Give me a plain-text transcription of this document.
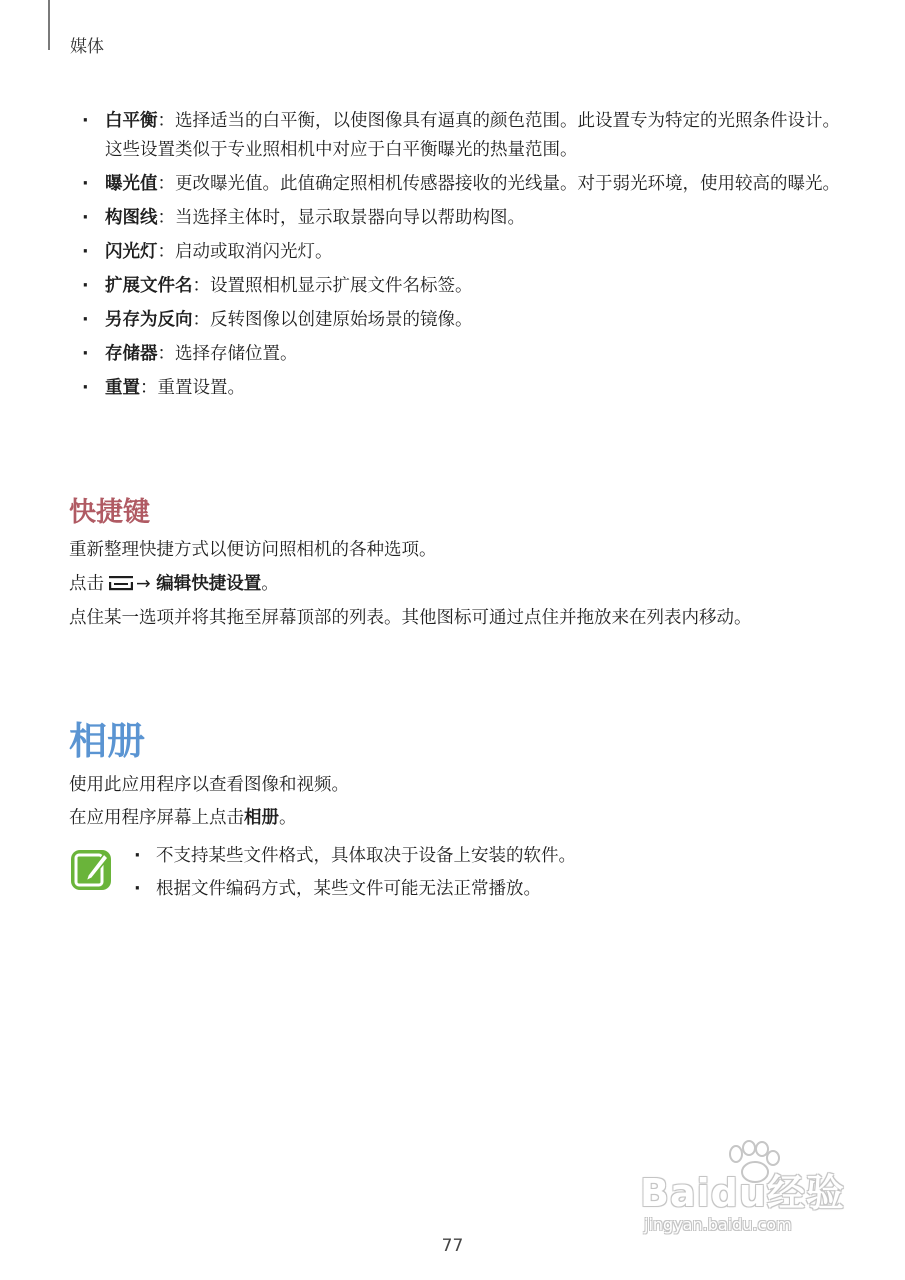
媒体
· 白平衡：选择适当的白平衡，以使图像具有逼真的颜色范围。此设置专为特定的光照条件设计。这些设置类似于专业照相机中对应于白平衡曝光的热量范围。
· 曝光值：更改曝光值。此值确定照相机传感器接收的光线量。对于弱光环境，使用较高的曝光。
· 构图线：当选择主体时，显示取景器向导以帮助构图。
· 闪光灯：启动或取消闪光灯。
· 扩展文件名：设置照相机显示扩展文件名标签。
· 另存为反向：反转图像以创建原始场景的镜像。
· 存储器：选择存储位置。
· 重置：重置设置。
快捷键

重新整理快捷方式以便访问照相机的各种选项。

点击 → 编辑快捷设置。

点住某一选项并将其拖至屏幕顶部的列表。其他图标可通过点住并拖放来在列表内移动。

相册

使用此应用程序以查看图像和视频。

在应用程序屏幕上点击相册。

· 不支持某些文件格式，具体取决于设备上安装的软件。
· 根据文件编码方式，某些文件可能无法正常播放。
Baidu经验
jingyan.baidu.com
77
